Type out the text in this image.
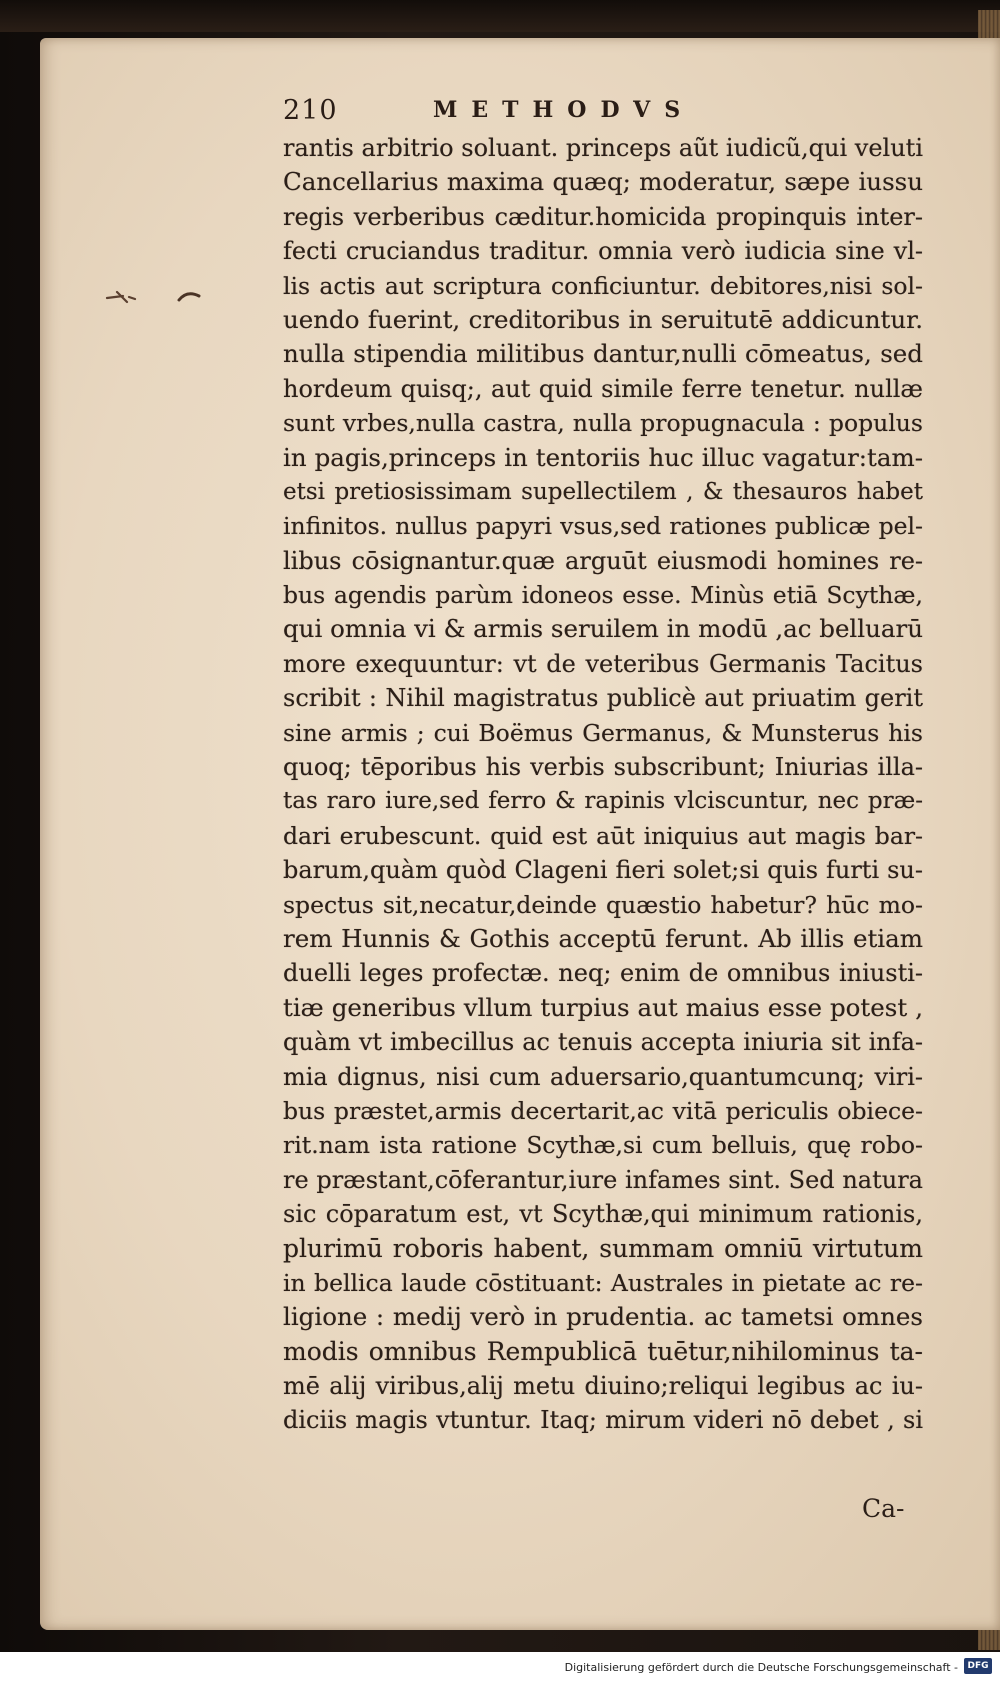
210	METHODVS
rantis arbitrio soluant. princeps aũt iudicũ,qui veluti
Cancellarius maxima quæq; moderatur, sæpe iussu
regis verberibus cæditur.homicida propinquis inter-
fecti cruciandus traditur. omnia verò iudicia sine vl-
lis actis aut scriptura conficiuntur. debitores,nisi sol-
uendo fuerint, creditoribus in seruitutē addicuntur.
nulla stipendia militibus dantur,nulli cōmeatus, sed
hordeum quisq;, aut quid simile ferre tenetur. nullæ
sunt vrbes,nulla castra, nulla propugnacula : populus
in pagis,princeps in tentoriis huc illuc vagatur:tam-
etsi pretiosissimam supellectilem , & thesauros habet
infinitos. nullus papyri vsus,sed rationes publicæ pel-
libus cōsignantur.quæ arguūt eiusmodi homines re-
bus agendis parùm idoneos esse. Minùs etiā Scythæ,
qui omnia vi & armis seruilem in modū ,ac belluarū
more exequuntur: vt de veteribus Germanis Tacitus
scribit : Nihil magistratus publicè aut priuatim gerit
sine armis ; cui Boëmus Germanus, & Munsterus his
quoq; tēporibus his verbis subscribunt; Iniurias illa-
tas raro iure,sed ferro & rapinis vlciscuntur, nec præ-
dari erubescunt. quid est aūt iniquius aut magis bar-
barum,quàm quòd Clageni fieri solet;si quis furti su-
spectus sit,necatur,deinde quæstio habetur? hūc mo-
rem Hunnis & Gothis acceptū ferunt. Ab illis etiam
duelli leges profectæ. neq; enim de omnibus iniusti-
tiæ generibus vllum turpius aut maius esse potest ,
quàm vt imbecillus ac tenuis accepta iniuria sit infa-
mia dignus, nisi cum aduersario,quantumcunq; viri-
bus præstet,armis decertarit,ac vitā periculis obiece-
rit.nam ista ratione Scythæ,si cum belluis, quę robo-
re præstant,cōferantur,iure infames sint. Sed natura
sic cōparatum est, vt Scythæ,qui minimum rationis,
plurimū roboris habent, summam omniū virtutum
in bellica laude cōstituant: Australes in pietate ac re-
ligione : medij verò in prudentia. ac tametsi omnes
modis omnibus Rempublicā tuētur,nihilominus ta-
mē alij viribus,alij metu diuino;reliqui legibus ac iu-
diciis magis vtuntur. Itaq; mirum videri nō debet , si
Ca-
Digitalisierung gefördert durch die Deutsche Forschungsgemeinschaft -	DFG
